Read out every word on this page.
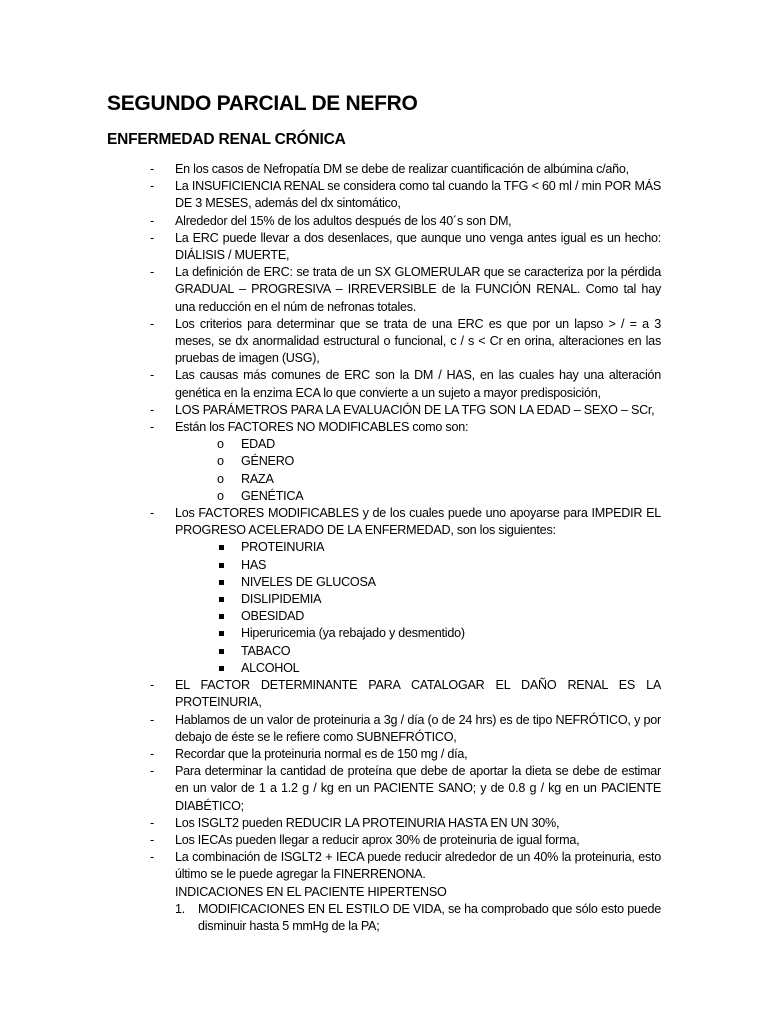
SEGUNDO PARCIAL DE NEFRO
ENFERMEDAD RENAL CRÓNICA
- En los casos de Nefropatía DM se debe de realizar cuantificación de albúmina c/año,
- La INSUFICIENCIA RENAL se considera como tal cuando la TFG < 60 ml / min POR MÁS DE 3 MESES, además del dx sintomático,
- Alrededor del 15% de los adultos después de los 40´s son DM,
- La ERC puede llevar a dos desenlaces, que aunque uno venga antes igual es un hecho: DIÁLISIS / MUERTE,
- La definición de ERC: se trata de un SX GLOMERULAR que se caracteriza por la pérdida GRADUAL – PROGRESIVA – IRREVERSIBLE de la FUNCIÓN RENAL. Como tal hay una reducción en el núm de nefronas totales.
- Los criterios para determinar que se trata de una ERC es que por un lapso > / = a 3 meses, se dx anormalidad estructural o funcional, c / s < Cr en orina, alteraciones en las pruebas de imagen (USG),
- Las causas más comunes de ERC son la DM / HAS, en las cuales hay una alteración genética en la enzima ECA lo que convierte a un sujeto a mayor predisposición,
- LOS PARÁMETROS PARA LA EVALUACIÓN DE LA TFG SON LA EDAD – SEXO – SCr,
- Están los FACTORES NO MODIFICABLES como son:
o EDAD
o GÉNERO
o RAZA
o GENÉTICA
- Los FACTORES MODIFICABLES y de los cuales puede uno apoyarse para IMPEDIR EL PROGRESO ACELERADO DE LA ENFERMEDAD, son los siguientes:
PROTEINURIA
HAS
NIVELES DE GLUCOSA
DISLIPIDEMIA
OBESIDAD
Hiperuricemia (ya rebajado y desmentido)
TABACO
ALCOHOL
- EL FACTOR DETERMINANTE PARA CATALOGAR EL DAÑO RENAL ES LA PROTEINURIA,
- Hablamos de un valor de proteinuria a 3g / día (o de 24 hrs) es de tipo NEFRÓTICO, y por debajo de éste se le refiere como SUBNEFRÓTICO,
- Recordar que la proteinuria normal es de 150 mg / día,
- Para determinar la cantidad de proteína que debe de aportar la dieta se debe de estimar en un valor de 1 a 1.2 g / kg en un PACIENTE SANO; y de 0.8 g / kg en un PACIENTE DIABÉTICO;
- Los ISGLT2 pueden REDUCIR LA PROTEINURIA HASTA EN UN 30%,
- Los IECAs pueden llegar a reducir aprox 30% de proteinuria de igual forma,
- La combinación de ISGLT2 + IECA puede reducir alrededor de un 40% la proteinuria, esto último se le puede agregar la FINERRENONA.
INDICACIONES EN EL PACIENTE HIPERTENSO
1. MODIFICACIONES EN EL ESTILO DE VIDA, se ha comprobado que sólo esto puede disminuir hasta 5 mmHg de la PA;
